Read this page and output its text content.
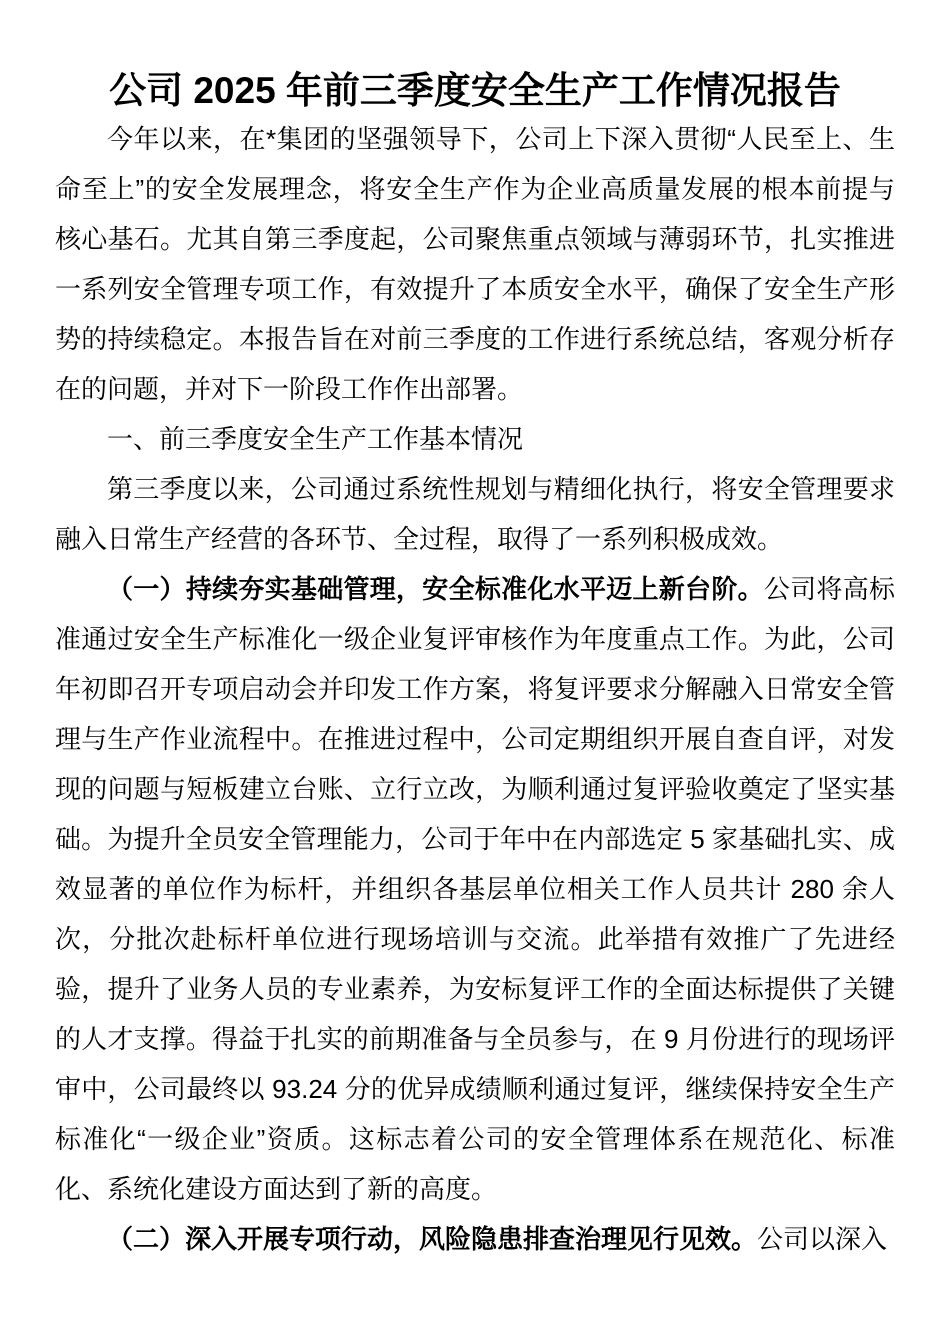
公司 2025 年前三季度安全生产工作情况报告

今年以来，在*集团的坚强领导下，公司上下深入贯彻“人民至上、生命至上”的安全发展理念，将安全生产作为企业高质量发展的根本前提与核心基石。尤其自第三季度起，公司聚焦重点领域与薄弱环节，扎实推进一系列安全管理专项工作，有效提升了本质安全水平，确保了安全生产形势的持续稳定。本报告旨在对前三季度的工作进行系统总结，客观分析存在的问题，并对下一阶段工作作出部署。

一、前三季度安全生产工作基本情况

第三季度以来，公司通过系统性规划与精细化执行，将安全管理要求融入日常生产经营的各环节、全过程，取得了一系列积极成效。

（一）持续夯实基础管理，安全标准化水平迈上新台阶。公司将高标准通过安全生产标准化一级企业复评审核作为年度重点工作。为此，公司年初即召开专项启动会并印发工作方案，将复评要求分解融入日常安全管理与生产作业流程中。在推进过程中，公司定期组织开展自查自评，对发现的问题与短板建立台账、立行立改，为顺利通过复评验收奠定了坚实基础。为提升全员安全管理能力，公司于年中在内部选定 5 家基础扎实、成效显著的单位作为标杆，并组织各基层单位相关工作人员共计 280 余人次，分批次赴标杆单位进行现场培训与交流。此举措有效推广了先进经验，提升了业务人员的专业素养，为安标复评工作的全面达标提供了关键的人才支撑。得益于扎实的前期准备与全员参与，在 9 月份进行的现场评审中，公司最终以 93.24 分的优异成绩顺利通过复评，继续保持安全生产标准化“一级企业”资质。这标志着公司的安全管理体系在规范化、标准化、系统化建设方面达到了新的高度。

（二）深入开展专项行动，风险隐患排查治理见行见效。公司以深入
